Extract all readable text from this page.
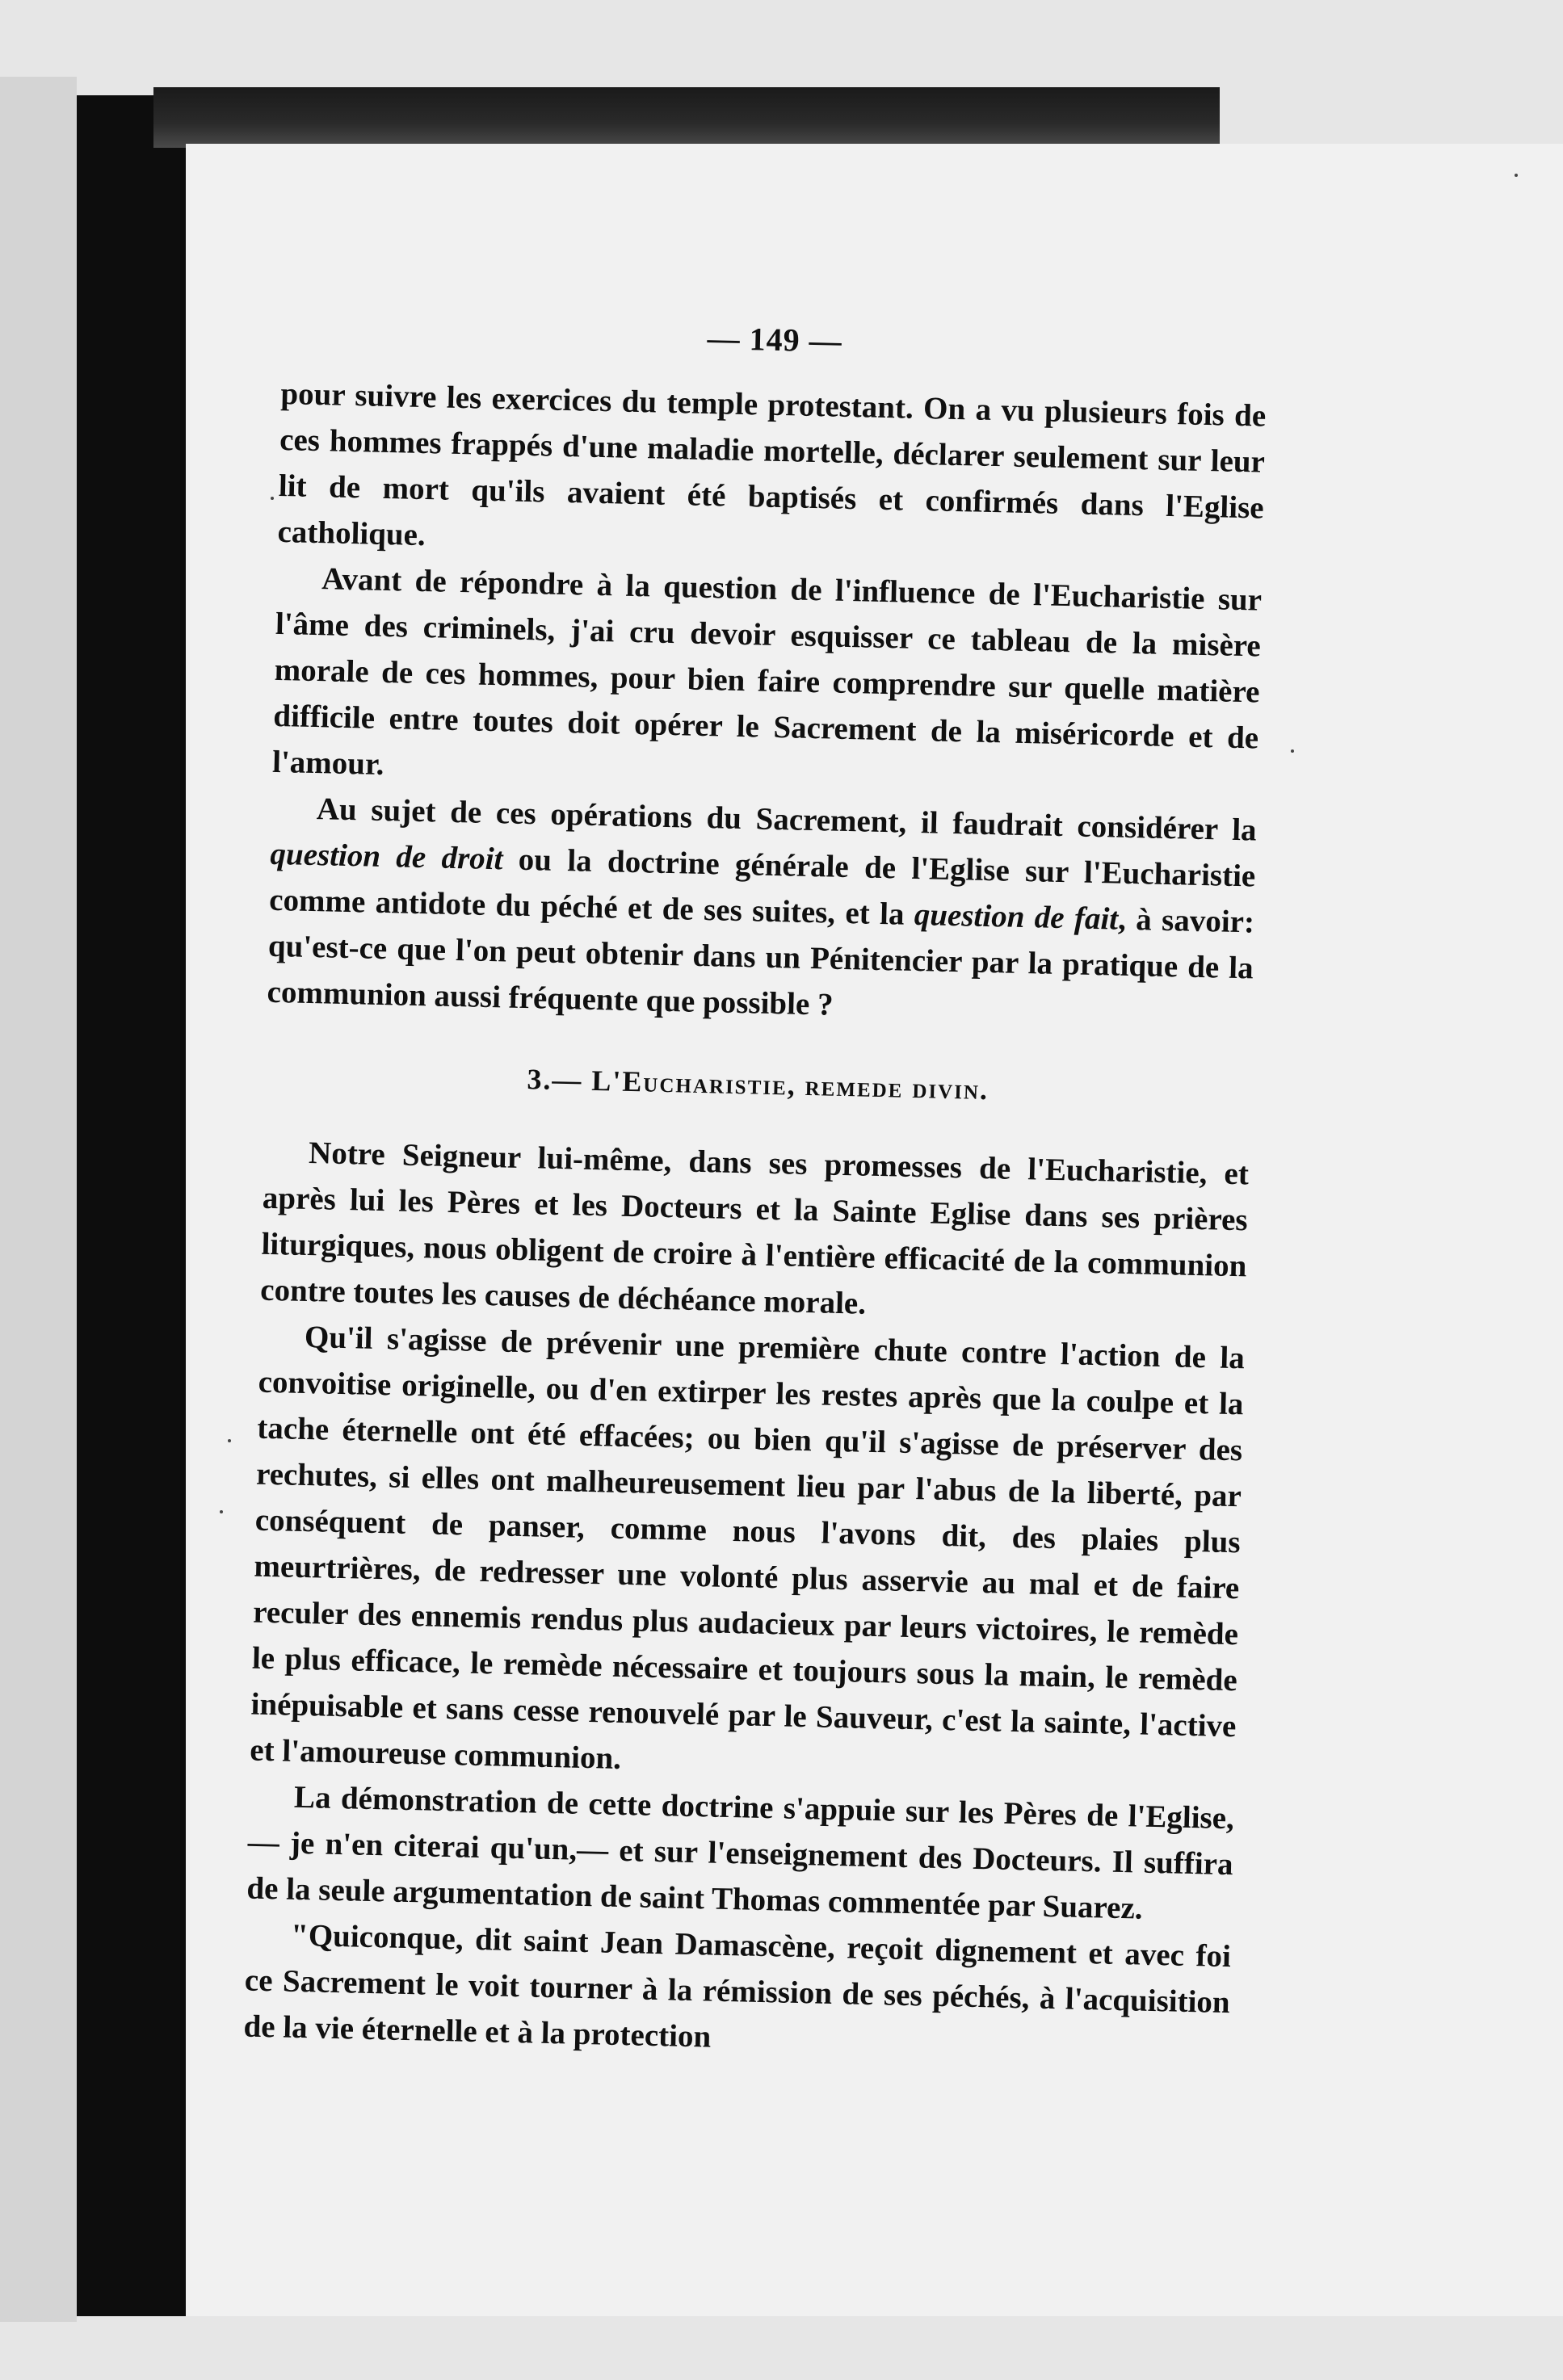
— 149 —

pour suivre les exercices du temple protestant. On a vu plusieurs fois de ces hommes frappés d'une maladie mortelle, déclarer seulement sur leur lit de mort qu'ils avaient été baptisés et confirmés dans l'Eglise catholique.

Avant de répondre à la question de l'influence de l'Eucharistie sur l'âme des criminels, j'ai cru devoir esquisser ce tableau de la misère morale de ces hommes, pour bien faire comprendre sur quelle matière difficile entre toutes doit opérer le Sacrement de la miséricorde et de l'amour.

Au sujet de ces opérations du Sacrement, il faudrait considérer la question de droit ou la doctrine générale de l'Eglise sur l'Eucharistie comme antidote du péché et de ses suites, et la question de fait, à savoir: qu'est-ce que l'on peut obtenir dans un Pénitencier par la pratique de la communion aussi fréquente que possible ?

3.— L'Eucharistie, remede divin.

Notre Seigneur lui-même, dans ses promesses de l'Eucharistie, et après lui les Pères et les Docteurs et la Sainte Eglise dans ses prières liturgiques, nous obligent de croire à l'entière efficacité de la communion contre toutes les causes de déchéance morale.

Qu'il s'agisse de prévenir une première chute contre l'action de la convoitise originelle, ou d'en extirper les restes après que la coulpe et la tache éternelle ont été effacées; ou bien qu'il s'agisse de préserver des rechutes, si elles ont malheureusement lieu par l'abus de la liberté, par conséquent de panser, comme nous l'avons dit, des plaies plus meurtrières, de redresser une volonté plus asservie au mal et de faire reculer des ennemis rendus plus audacieux par leurs victoires, le remède le plus efficace, le remède nécessaire et toujours sous la main, le remède inépuisable et sans cesse renouvelé par le Sauveur, c'est la sainte, l'active et l'amoureuse communion.

La démonstration de cette doctrine s'appuie sur les Pères de l'Eglise,— je n'en citerai qu'un,— et sur l'enseignement des Docteurs. Il suffira de la seule argumentation de saint Thomas commentée par Suarez.

"Quiconque, dit saint Jean Damascène, reçoit dignement et avec foi ce Sacrement le voit tourner à la rémission de ses péchés, à l'acquisition de la vie éternelle et à la protection
